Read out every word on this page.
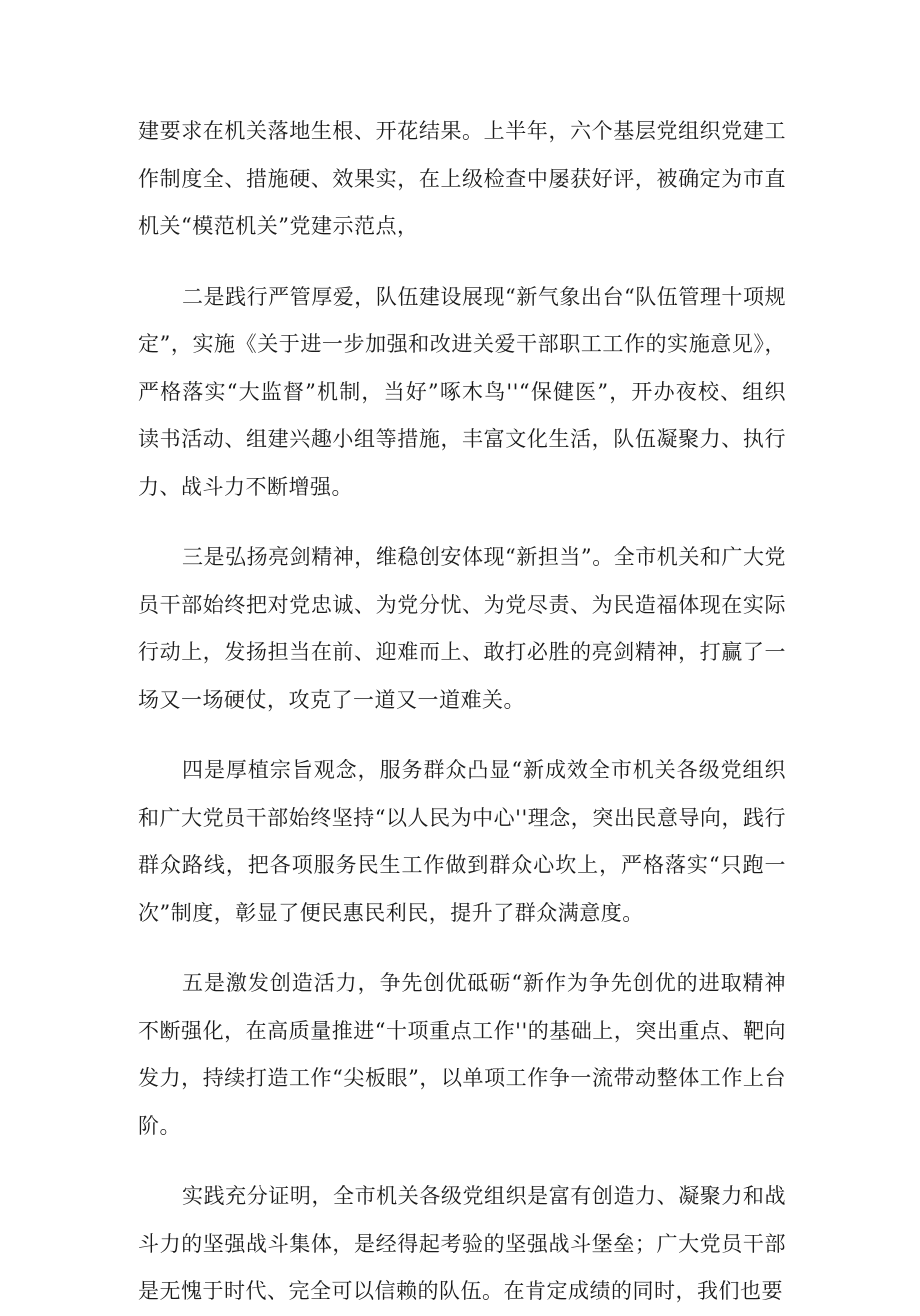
建要求在机关落地生根、开花结果。上半年，六个基层党组织党建工作制度全、措施硬、效果实，在上级检查中屡获好评，被确定为市直机关“模范机关”党建示范点，

二是践行严管厚爱，队伍建设展现“新气象出台“队伍管理十项规定”，实施《关于进一步加强和改进关爱干部职工工作的实施意见》，严格落实“大监督”机制，当好”啄木鸟''“保健医”，开办夜校、组织读书活动、组建兴趣小组等措施，丰富文化生活，队伍凝聚力、执行力、战斗力不断增强。

三是弘扬亮剑精神，维稳创安体现“新担当”。全市机关和广大党员干部始终把对党忠诚、为党分忧、为党尽责、为民造福体现在实际行动上，发扬担当在前、迎难而上、敢打必胜的亮剑精神，打赢了一场又一场硬仗，攻克了一道又一道难关。

四是厚植宗旨观念，服务群众凸显“新成效全市机关各级党组织和广大党员干部始终坚持“以人民为中心''理念，突出民意导向，践行群众路线，把各项服务民生工作做到群众心坎上，严格落实“只跑一次”制度，彰显了便民惠民利民，提升了群众满意度。

五是激发创造活力，争先创优砥砺“新作为争先创优的进取精神不断强化，在高质量推进“十项重点工作''的基础上，突出重点、靶向发力，持续打造工作“尖板眼”，以单项工作争一流带动整体工作上台阶。

实践充分证明，全市机关各级党组织是富有创造力、凝聚力和战斗力的坚强战斗集体，是经得起考验的坚强战斗堡垒；广大党员干部是无愧于时代、完全可以信赖的队伍。在肯定成绩的同时，我们也要
